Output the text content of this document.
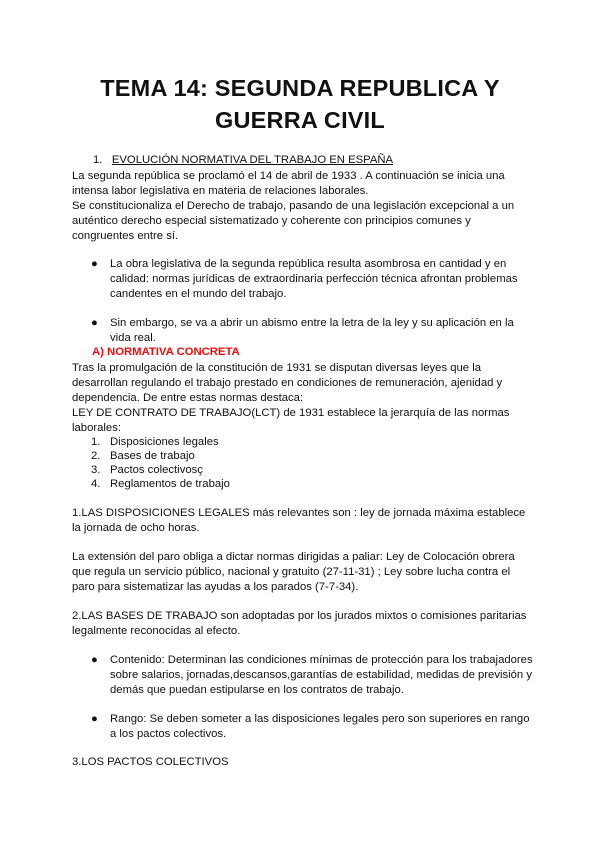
TEMA 14: SEGUNDA REPUBLICA Y
GUERRA CIVIL
1. EVOLUCIÓN NORMATIVA DEL TRABAJO EN ESPAÑA
La segunda república se proclamó el 14 de abril de 1933 . A continuación se inicia una
intensa labor legislativa en materia de relaciones laborales.
Se constitucionaliza el Derecho de trabajo, pasando de una legislación excepcional a un
auténtico derecho especial sistematizado y coherente con principios comunes y
congruentes entre sí.
● La obra legislativa de la segunda república resulta asombrosa en cantidad y en
calidad: normas jurídicas de extraordinaria perfección técnica afrontan problemas
candentes en el mundo del trabajo.
● Sin embargo, se va a abrir un abismo entre la letra de la ley y su aplicación en la
vida real.
A) NORMATIVA CONCRETA
Tras la promulgación de la constitución de 1931 se disputan diversas leyes que la
desarrollan regulando el trabajo prestado en condiciones de remuneración, ajenidad y
dependencia. De entre estas normas destaca:
LEY DE CONTRATO DE TRABAJO(LCT) de 1931 establece la jerarquía de las normas
laborales:
1. Disposiciones legales
2. Bases de trabajo
3. Pactos colectivosç
4. Reglamentos de trabajo
1.LAS DISPOSICIONES LEGALES más relevantes son : ley de jornada máxima establece
la jornada de ocho horas.
La extensión del paro obliga a dictar normas dirigidas a paliar: Ley de Colocación obrera
que regula un servicio público, nacional y gratuito (27-11-31) ; Ley sobre lucha contra el
paro para sistematizar las ayudas a los parados (7-7-34).
2.LAS BASES DE TRABAJO son adoptadas por los jurados mixtos o comisiones paritarias
legalmente reconocidas al efecto.
● Contenido: Determinan las condiciones mínimas de protección para los trabajadores
sobre salarios, jornadas,descansos,garantías de estabilidad, medidas de previsión y
demás que puedan estipularse en los contratos de trabajo.
● Rango: Se deben someter a las disposiciones legales pero son superiores en rango
a los pactos colectivos.
3.LOS PACTOS COLECTIVOS
